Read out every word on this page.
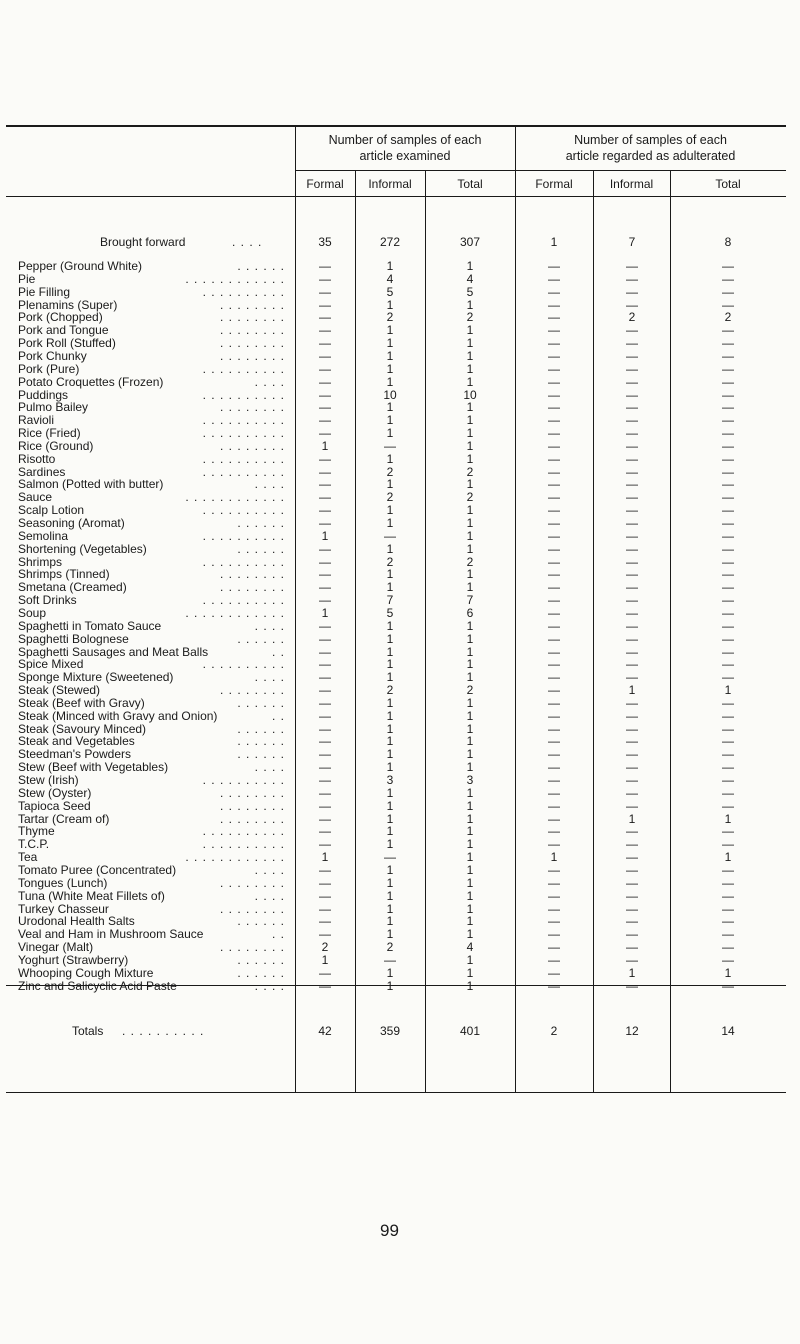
Number of samples of each
article examined
Number of samples of each
article regarded as adulterated
Formal	Informal	Total	Formal	Informal	Total
Brought forward	. . . .	35	272	307	1	7	8
Pepper (Ground White)	. . . . . .	—	1	1	—	—	—
Pie	. . . . . . . . . . . .	—	4	4	—	—	—
Pie Filling	. . . . . . . . . .	—	5	5	—	—	—
Plenamins (Super)	. . . . . . . .	—	1	1	—	—	—
Pork (Chopped)	. . . . . . . .	—	2	2	—	2	2
Pork and Tongue	. . . . . . . .	—	1	1	—	—	—
Pork Roll (Stuffed)	. . . . . . . .	—	1	1	—	—	—
Pork Chunky	. . . . . . . .	—	1	1	—	—	—
Pork (Pure)	. . . . . . . . . .	—	1	1	—	—	—
Potato Croquettes (Frozen)	. . . .	—	1	1	—	—	—
Puddings	. . . . . . . . . .	—	10	10	—	—	—
Pulmo Bailey	. . . . . . . .	—	1	1	—	—	—
Ravioli	. . . . . . . . . .	—	1	1	—	—	—
Rice (Fried)	. . . . . . . . . .	—	1	1	—	—	—
Rice (Ground)	. . . . . . . .	1	—	1	—	—	—
Risotto	. . . . . . . . . .	—	1	1	—	—	—
Sardines	. . . . . . . . . .	—	2	2	—	—	—
Salmon (Potted with butter)	. . . .	—	1	1	—	—	—
Sauce	. . . . . . . . . . . .	—	2	2	—	—	—
Scalp Lotion	. . . . . . . . . .	—	1	1	—	—	—
Seasoning (Aromat)	. . . . . .	—	1	1	—	—	—
Semolina	. . . . . . . . . .	1	—	1	—	—	—
Shortening (Vegetables)	. . . . . .	—	1	1	—	—	—
Shrimps	. . . . . . . . . .	—	2	2	—	—	—
Shrimps (Tinned)	. . . . . . . .	—	1	1	—	—	—
Smetana (Creamed)	. . . . . . . .	—	1	1	—	—	—
Soft Drinks	. . . . . . . . . .	—	7	7	—	—	—
Soup	. . . . . . . . . . . .	1	5	6	—	—	—
Spaghetti in Tomato Sauce	. . . .	—	1	1	—	—	—
Spaghetti Bolognese	. . . . . .	—	1	1	—	—	—
Spaghetti Sausages and Meat Balls	. .	—	1	1	—	—	—
Spice Mixed	. . . . . . . . . .	—	1	1	—	—	—
Sponge Mixture (Sweetened)	. . . .	—	1	1	—	—	—
Steak (Stewed)	. . . . . . . .	—	2	2	—	1	1
Steak (Beef with Gravy)	. . . . . .	—	1	1	—	—	—
Steak (Minced with Gravy and Onion)	. .	—	1	1	—	—	—
Steak (Savoury Minced)	. . . . . .	—	1	1	—	—	—
Steak and Vegetables	. . . . . .	—	1	1	—	—	—
Steedman's Powders	. . . . . .	—	1	1	—	—	—
Stew (Beef with Vegetables)	. . . .	—	1	1	—	—	—
Stew (Irish)	. . . . . . . . . .	—	3	3	—	—	—
Stew (Oyster)	. . . . . . . .	—	1	1	—	—	—
Tapioca Seed	. . . . . . . .	—	1	1	—	—	—
Tartar (Cream of)	. . . . . . . .	—	1	1	—	1	1
Thyme	. . . . . . . . . .	—	1	1	—	—	—
T.C.P.	. . . . . . . . . .	—	1	1	—	—	—
Tea	. . . . . . . . . . . .	1	—	1	1	—	1
Tomato Puree (Concentrated)	. . . .	—	1	1	—	—	—
Tongues (Lunch)	. . . . . . . .	—	1	1	—	—	—
Tuna (White Meat Fillets of)	. . . .	—	1	1	—	—	—
Turkey Chasseur	. . . . . . . .	—	1	1	—	—	—
Urodonal Health Salts	. . . . . .	—	1	1	—	—	—
Veal and Ham in Mushroom Sauce	. .	—	1	1	—	—	—
Vinegar (Malt)	. . . . . . . .	2	2	4	—	—	—
Yoghurt (Strawberry)	. . . . . .	1	—	1	—	—	—
Whooping Cough Mixture	. . . . . .	—	1	1	—	1	1
Zinc and Salicyclic Acid Paste	. . . .	—	1	1	—	—	—
Totals . . . . . . . . . .	42	359	401	2	12	14
99
